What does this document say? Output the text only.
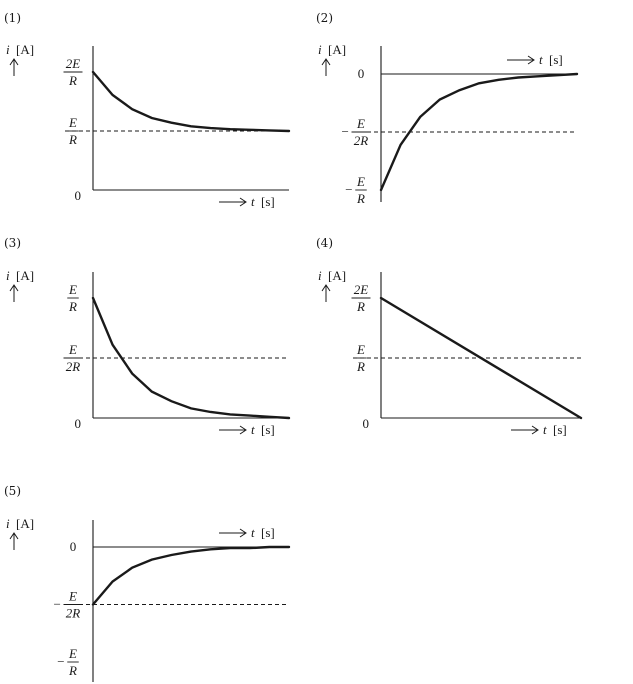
(1)
i [A]
t [s]
0
2E
R
E
R
(2)
i [A]
t [s]
0
−
E
2R
−
E
R
(3)
i [A]
t [s]
0
E
R
E
2R
(4)
i [A]
t [s]
0
2E
R
E
R
(5)
i [A]
t [s]
0
−
E
2R
−
E
R
